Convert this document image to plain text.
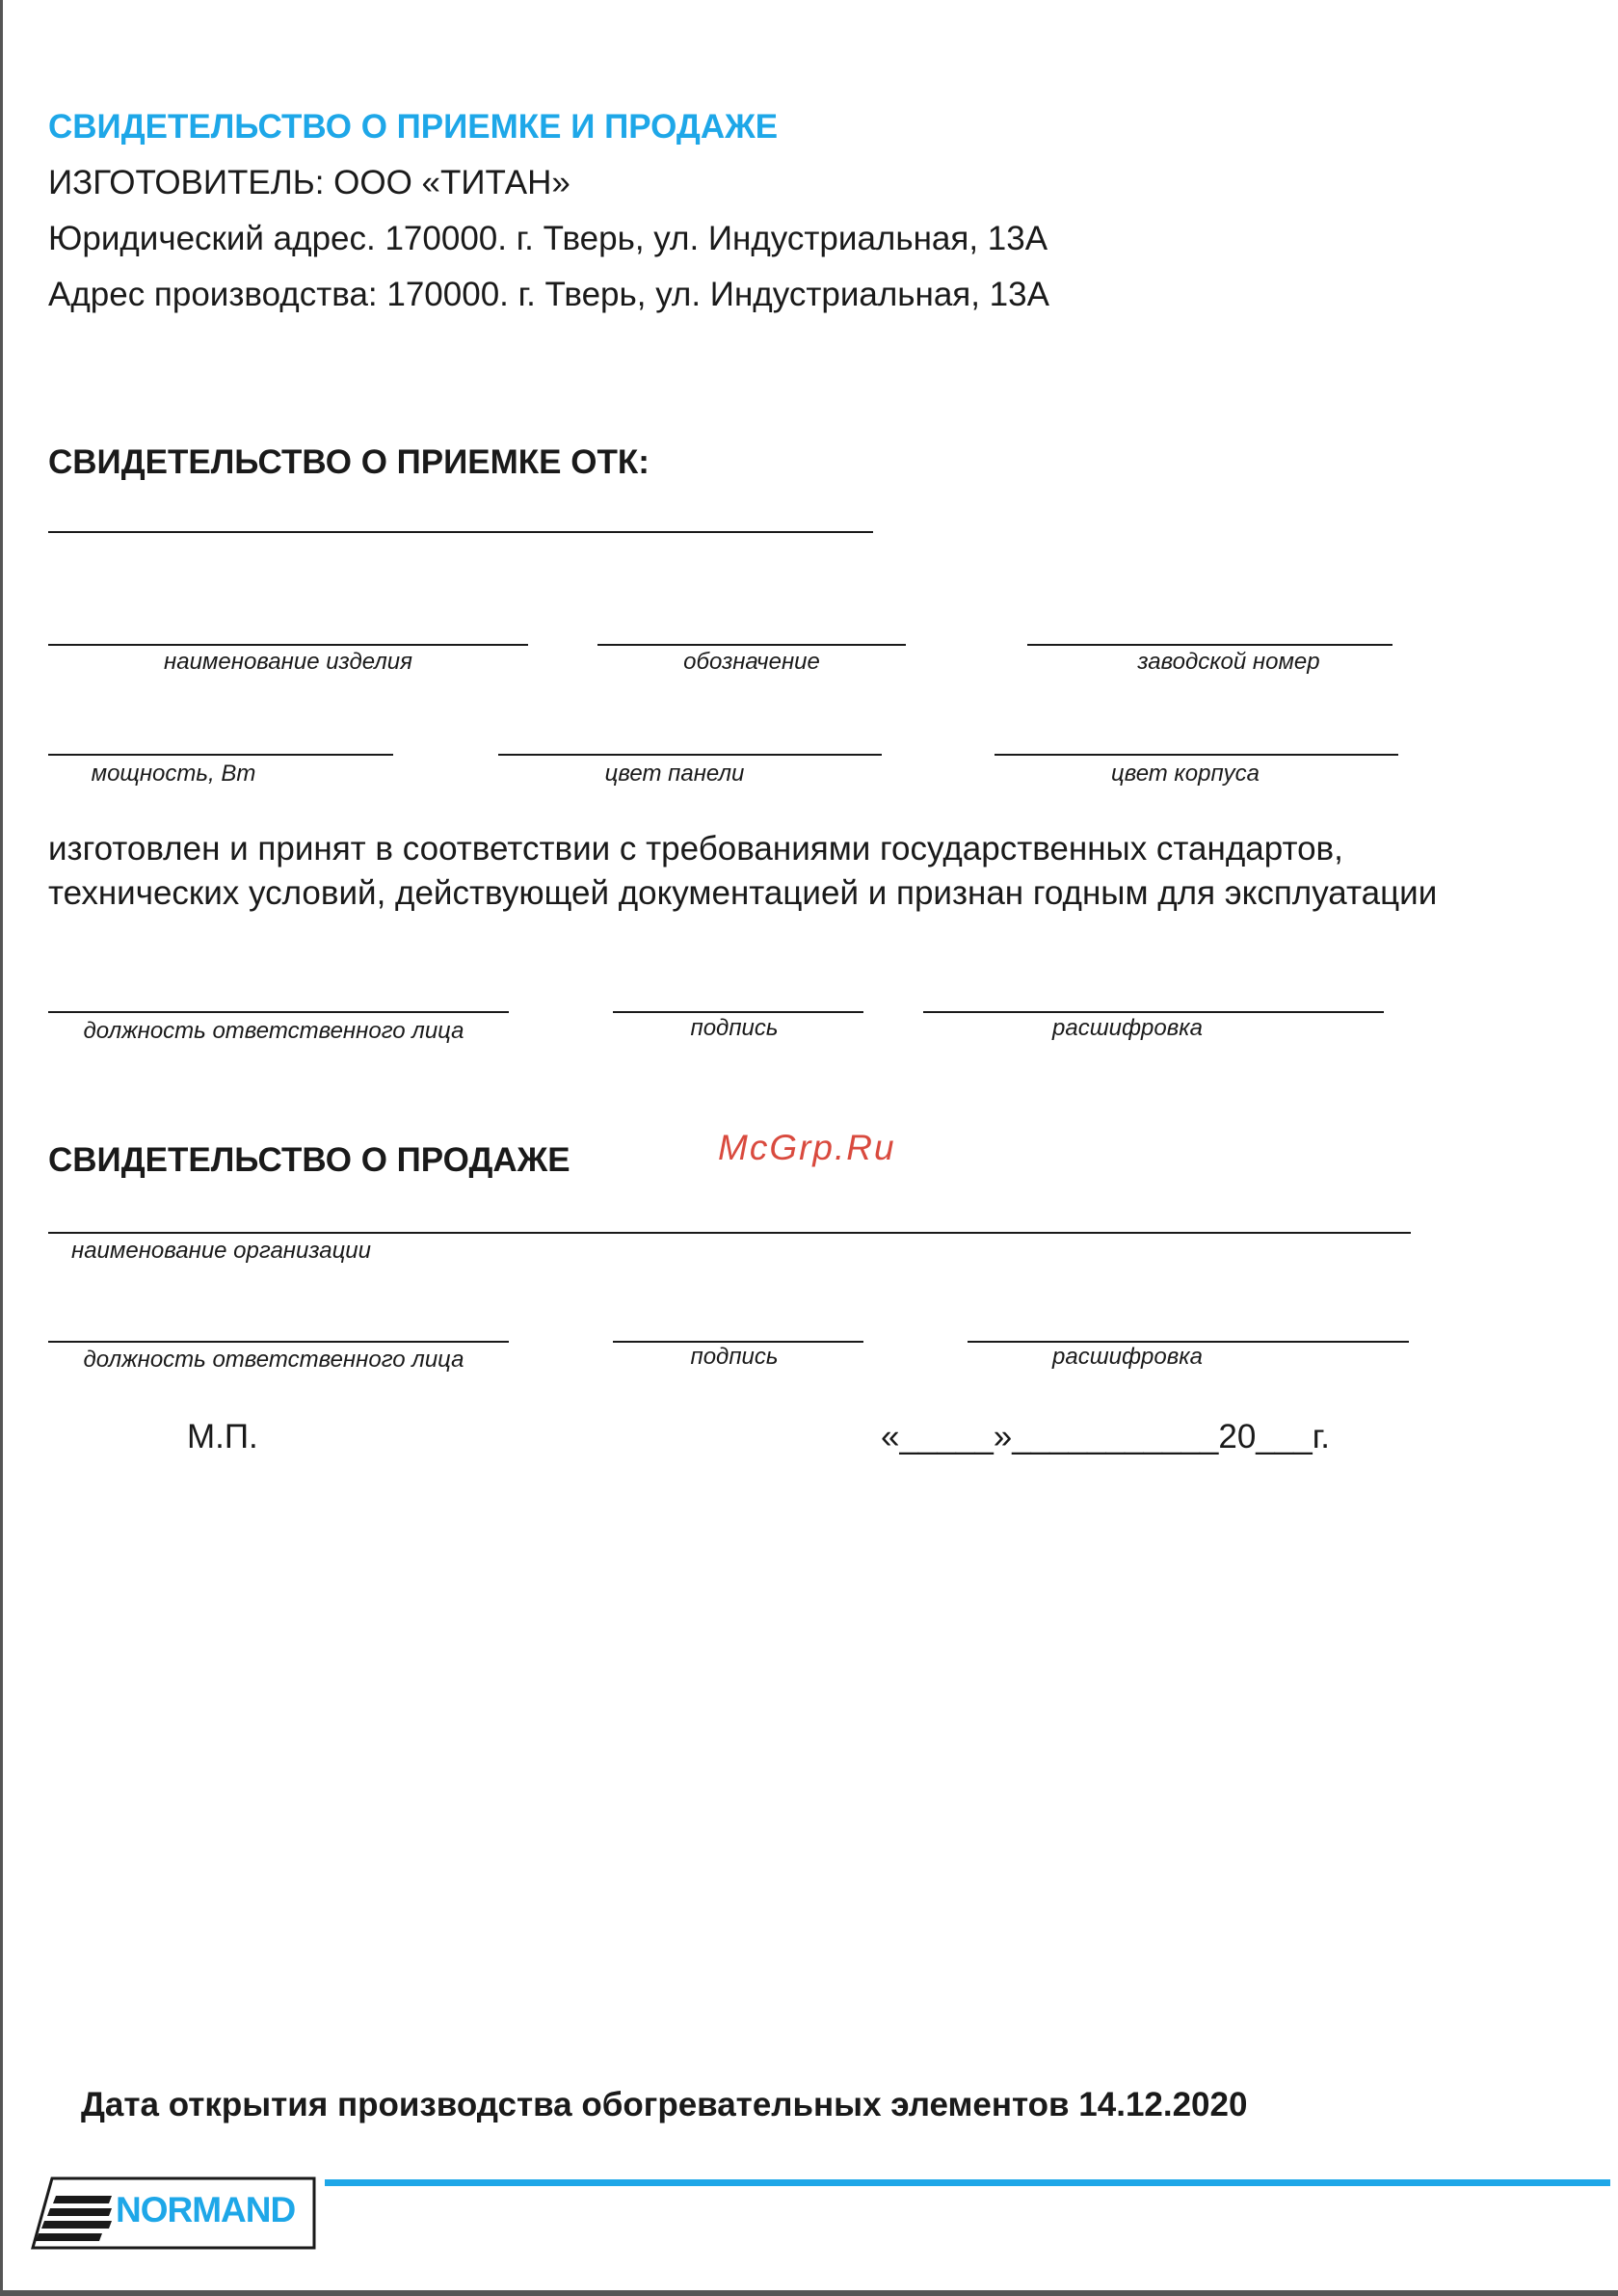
СВИДЕТЕЛЬСТВО О ПРИЕМКЕ И ПРОДАЖЕ
ИЗГОТОВИТЕЛЬ: ООО «ТИТАН»
Юридический адрес. 170000. г. Тверь, ул. Индустриальная, 13А
Адрес производства: 170000. г. Тверь, ул. Индустриальная, 13А
СВИДЕТЕЛЬСТВО О ПРИЕМКЕ ОТК:
наименование изделия	обозначение	заводской номер
мощность, Вт	цвет панели	цвет корпуса
изготовлен и принят в соответствии с требованиями государственных стандартов, технических условий, действующей документацией и признан годным для эксплуатации
должность ответственного лица	подпись	расшифровка
McGrp.Ru
СВИДЕТЕЛЬСТВО О ПРОДАЖЕ
наименование организации
должность ответственного лица	подпись	расшифровка
М.П.	«_____»___________20___г.
Дата открытия производства обогревательных элементов 14.12.2020
NORMAND
